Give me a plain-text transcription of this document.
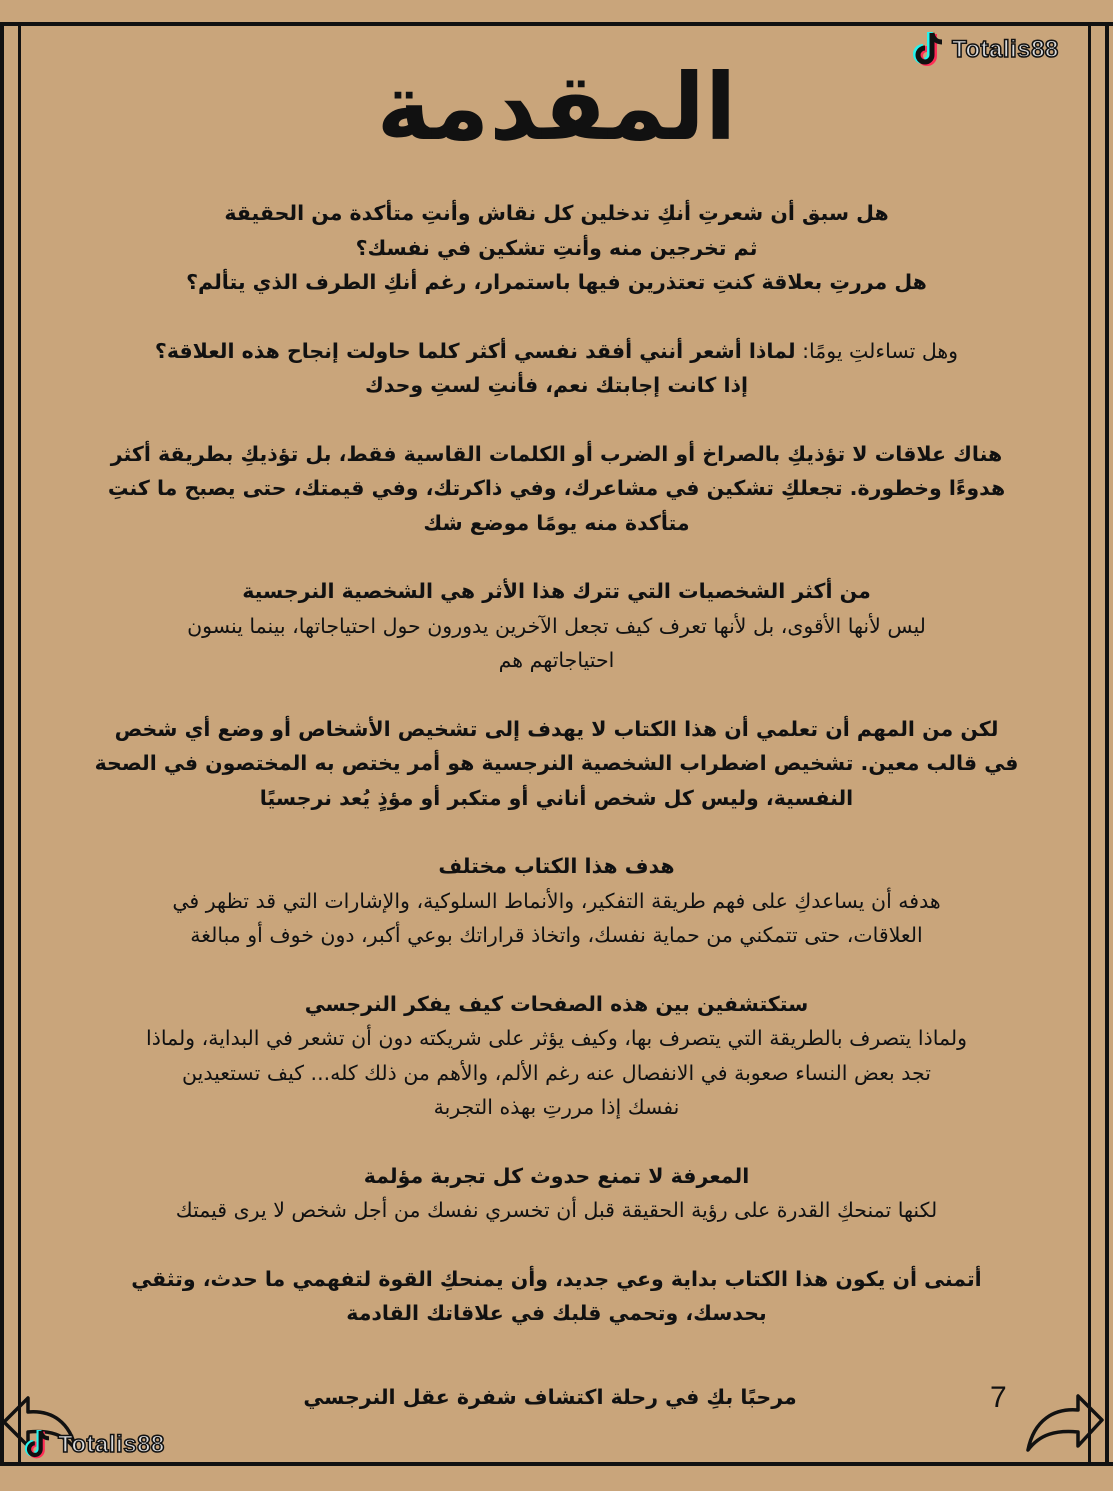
Totalis88
المقدمة

هل سبق أن شعرتِ أنكِ تدخلين كل نقاش وأنتِ متأكدة من الحقيقة

ثم تخرجين منه وأنتِ تشكين في نفسك؟

هل مررتِ بعلاقة كنتِ تعتذرين فيها باستمرار، رغم أنكِ الطرف الذي يتألم؟

وهل تساءلتِ يومًا: لماذا أشعر أنني أفقد نفسي أكثر كلما حاولت إنجاح هذه العلاقة؟

إذا كانت إجابتك نعم، فأنتِ لستِ وحدك

هناك علاقات لا تؤذيكِ بالصراخ أو الضرب أو الكلمات القاسية فقط، بل تؤذيكِ بطريقة أكثر

هدوءًا وخطورة. تجعلكِ تشكين في مشاعرك، وفي ذاكرتك، وفي قيمتك، حتى يصبح ما كنتِ

متأكدة منه يومًا موضع شك

من أكثر الشخصيات التي تترك هذا الأثر هي الشخصية النرجسية

ليس لأنها الأقوى، بل لأنها تعرف كيف تجعل الآخرين يدورون حول احتياجاتها، بينما ينسون

احتياجاتهم هم

لكن من المهم أن تعلمي أن هذا الكتاب لا يهدف إلى تشخيص الأشخاص أو وضع أي شخص

في قالب معين. تشخيص اضطراب الشخصية النرجسية هو أمر يختص به المختصون في الصحة

النفسية، وليس كل شخص أناني أو متكبر أو مؤذٍ يُعد نرجسيًا

هدف هذا الكتاب مختلف

هدفه أن يساعدكِ على فهم طريقة التفكير، والأنماط السلوكية، والإشارات التي قد تظهر في

العلاقات، حتى تتمكني من حماية نفسك، واتخاذ قراراتك بوعي أكبر، دون خوف أو مبالغة

ستكتشفين بين هذه الصفحات كيف يفكر النرجسي

ولماذا يتصرف بالطريقة التي يتصرف بها، وكيف يؤثر على شريكته دون أن تشعر في البداية، ولماذا

تجد بعض النساء صعوبة في الانفصال عنه رغم الألم، والأهم من ذلك كله... كيف تستعيدين

نفسك إذا مررتِ بهذه التجربة

المعرفة لا تمنع حدوث كل تجربة مؤلمة

لكنها تمنحكِ القدرة على رؤية الحقيقة قبل أن تخسري نفسك من أجل شخص لا يرى قيمتك

أتمنى أن يكون هذا الكتاب بداية وعي جديد، وأن يمنحكِ القوة لتفهمي ما حدث، وتثقي

بحدسك، وتحمي قلبك في علاقاتك القادمة

مرحبًا بكِ في رحلة اكتشاف شفرة عقل النرجسي	7
Totalis88
